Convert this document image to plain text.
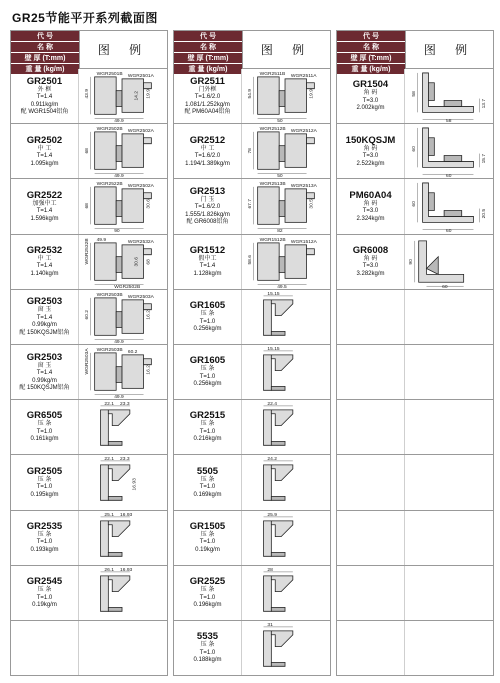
GR25节能平开系列截面图
代 号
名 称
壁 厚 (T:mm)
重 量 (kg/m)
图 例
GR2501
外 框
T=1.4
0.911kg/m
配 WGR1504铝角
WGR2501B WGR2501A
43.9	19.9
14.2
49.9
GR2502
中 工
T=1.4
1.095kg/m
WGR2502B WGR2502A
68
49.9
GR2522
加强中工
T=1.4
1.596kg/m
WGR2522B WGR2502A
68	30.6
90
GR2532
中 工
T=1.4
1.140kg/m
49.9	WGR2532A
WGR2532B	68
30.6
WGR2502B
GR2503
窗 玉
T=1.4
0.99kg/m
配 150KQSJM铝角
WGR2503B WGR2503A
60.2	16.2
49.9
GR2503
窗 玉
T=1.4
0.99kg/m
配 150KQSJM铝角
WGR2503B 60.2
WGR2503A	16.2
49.9
GR6505
压 条
T=1.0
0.161kg/m
22.1 23.3
GR2505
压 条
T=1.0
0.195kg/m
22.1 23.3
16.93
GR2535
压 条
T=1.0
0.193kg/m
25.1 16.93
GR2545
压 条
T=1.0
0.19kg/m
26.1 16.93
代 号
名 称
壁 厚 (T:mm)
重 量 (kg/m)
图 例
GR2511
门外框
T=1.6/2.0
1.081/1.252kg/m
配 PM60A04铝角
WGR2511B WGR2511A
54.9	19.9
50
GR2512
中 工
T=1.6/2.0
1.194/1.389kg/m
WGR2512B WGR2512A
78
50
GR2513
门 玉
T=1.6/2.0
1.555/1.826kg/m
配 GR6008铝角
WGR2513B WGR2513A
67.7	30.5
82
GR1512
假中工
T=1.4
1.128kg/m
WGR1512B WGR1512A
58.6
49.5
GR1605
压 条
T=1.0
0.256kg/m
15.15
GR1605
压 条
T=1.0
0.256kg/m
15.15
GR2515
压 条
T=1.0
0.216kg/m
22.4
5505
压 条
T=1.0
0.169kg/m
24.2
GR1505
压 条
T=1.0
0.19kg/m
25.9
GR2525
压 条
T=1.0
0.196kg/m
28
5535
压 条
T=1.0
0.188kg/m
31
代 号
名 称
壁 厚 (T:mm)
重 量 (kg/m)
图 例
GR1504
角 码
T=3.0
2.002kg/m
58
13.7
58
150KQSJM
角 码
T=3.0
2.522kg/m
60
15.7
60
PM60A04
角 码
T=3.0
2.324kg/m
60
20.5
60
GR6008
角 码
T=3.0
3.282kg/m
90
60
